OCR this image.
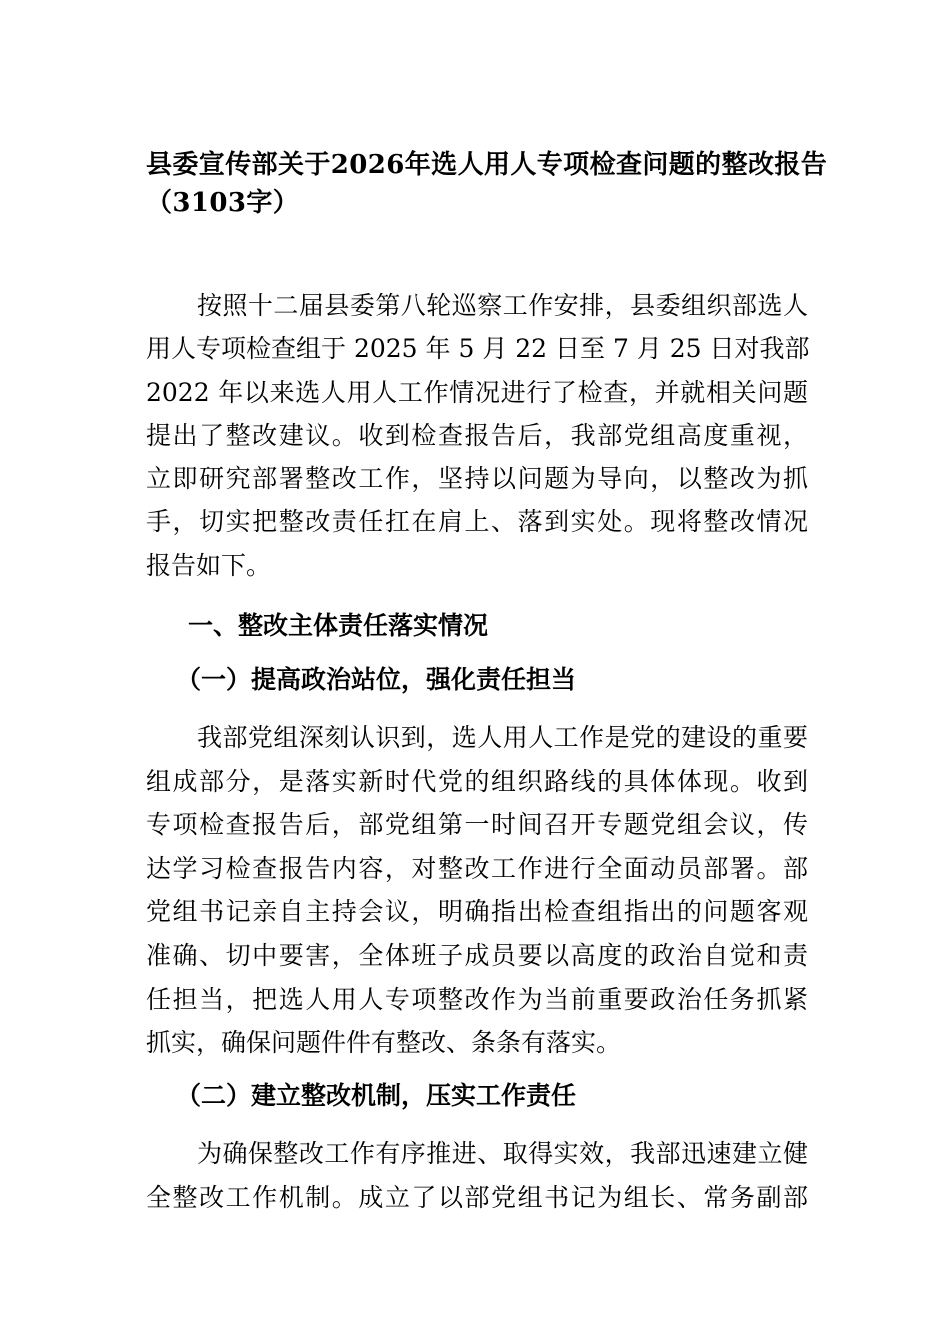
县委宣传部关于2026年选人用人专项检查问题的整改报告
（3103字）
　　按照十二届县委第八轮巡察工作安排，县委组织部选人
用人专项检查组于 2025 年 5 月 22 日至 7 月 25 日对我部
2022 年以来选人用人工作情况进行了检查，并就相关问题
提出了整改建议。收到检查报告后，我部党组高度重视，
立即研究部署整改工作，坚持以问题为导向，以整改为抓
手，切实把整改责任扛在肩上、落到实处。现将整改情况
报告如下。
一、整改主体责任落实情况
（一）提高政治站位，强化责任担当
　　我部党组深刻认识到，选人用人工作是党的建设的重要
组成部分，是落实新时代党的组织路线的具体体现。收到
专项检查报告后，部党组第一时间召开专题党组会议，传
达学习检查报告内容，对整改工作进行全面动员部署。部
党组书记亲自主持会议，明确指出检查组指出的问题客观
准确、切中要害，全体班子成员要以高度的政治自觉和责
任担当，把选人用人专项整改作为当前重要政治任务抓紧
抓实，确保问题件件有整改、条条有落实。
（二）建立整改机制，压实工作责任
　　为确保整改工作有序推进、取得实效，我部迅速建立健
全整改工作机制。成立了以部党组书记为组长、常务副部
